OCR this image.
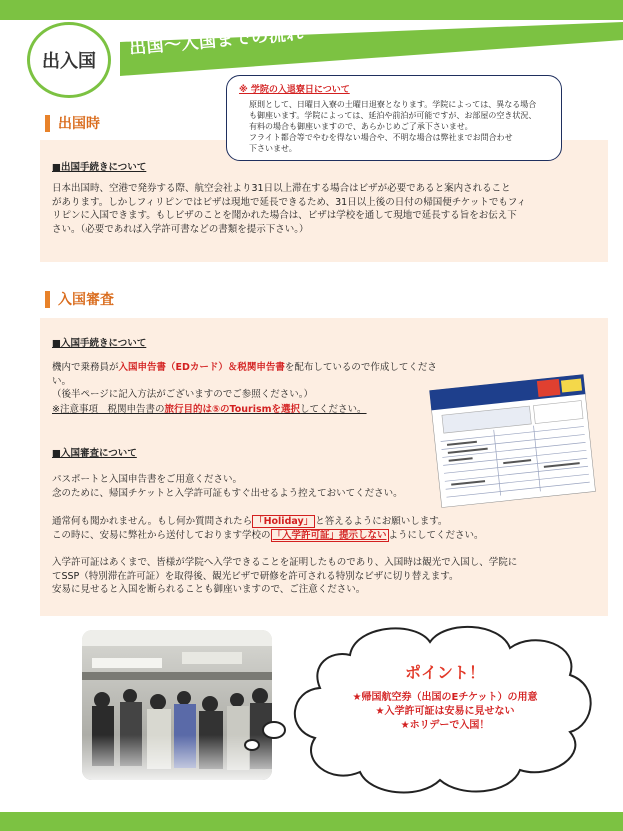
出国～入国までの流れ
出入国
※ 学院の入退寮日について
原則として、日曜日入寮の土曜日退寮となります。学院によっては、異なる場合
も御座います。学院によっては、延泊や前泊が可能ですが、お部屋の空き状況、
有料の場合も御座いますので、あらかじめご了承下さいませ。
フライト都合等でやむを得ない場合や、不明な場合は弊社までお問合わせ
下さいませ。
出国時
■出国手続きについて
日本出国時、空港で発券する際、航空会社より31日以上滞在する場合はビザが必要であると案内されること
があります。しかしフィリピンではビザは現地で延長できるため、31日以上後の日付の帰国便チケットでもフィ
リピンに入国できます。もしビザのことを聞かれた場合は、ビザは学校を通して現地で延長する旨をお伝え下
さい。（必要であれば入学許可書などの書類を提示下さい。）
入国審査
■入国手続きについて
機内で乗務員が入国申告書（EDカード）＆税関申告書を配布しているので作成してください。
（後半ページに記入方法がございますのでご参照ください。）
※注意事項　税関申告書の旅行目的は⑤のTourismを選択してください。
■入国審査について
パスポートと入国申告書をご用意ください。
念のために、帰国チケットと入学許可証もすぐ出せるよう控えておいてください。
通常何も聞かれません。もし何か質問されたら 「Holiday」 と答えるようにお願いします。
この時に、安易に弊社から送付しております学校の 「入学許可証」提示しない ようにしてください。
入学許可証はあくまで、皆様が学院へ入学できることを証明したものであり、入国時は観光で入国し、学院に
てSSP（特別滞在許可証）を取得後、観光ビザで研修を許可される特別なビザに切り替えます。
安易に見せると入国を断られることも御座いますので、ご注意ください。
ポイント！
★帰国航空券（出国のEチケット）の用意
★入学許可証は安易に見せない
★ホリデーで入国！
